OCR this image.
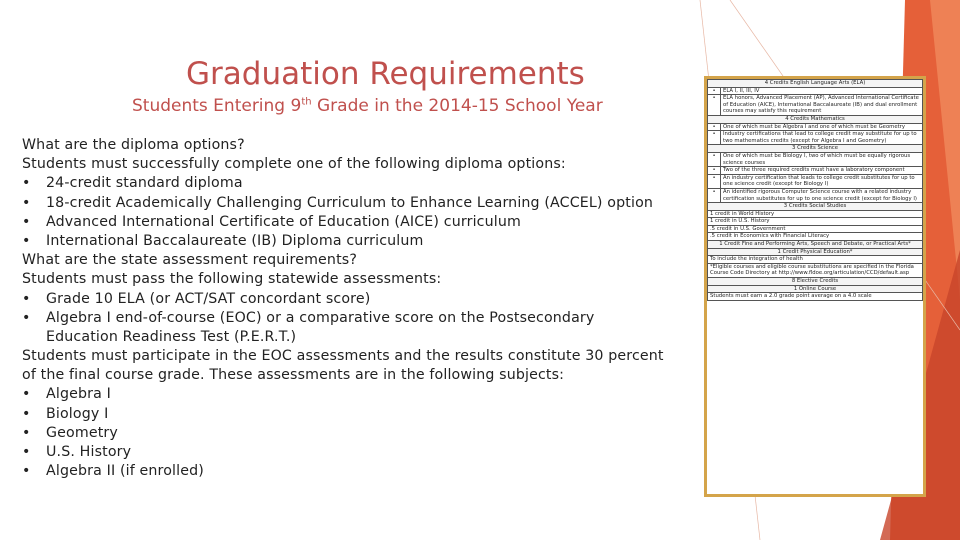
Graduation Requirements
Students Entering 9th Grade in the 2014-15 School Year
What are the diploma options?
Students must successfully complete one of the following diploma options:
• 24-credit standard diploma
• 18-credit Academically Challenging Curriculum to Enhance Learning (ACCEL) option
• Advanced International Certificate of Education (AICE) curriculum
• International Baccalaureate (IB) Diploma curriculum
What are the state assessment requirements?
Students must pass the following statewide assessments:
• Grade 10 ELA (or ACT/SAT concordant score)
• Algebra I end-of-course (EOC) or a comparative score on the Postsecondary
Education Readiness Test (P.E.R.T.)
Students must participate in the EOC assessments and the results constitute 30 percent
of the final course grade. These assessments are in the following subjects:
• Algebra I
• Biology I
• Geometry
• U.S. History
• Algebra II (if enrolled)
4 Credits English Language Arts (ELA)	
•	ELA I, II, III, IV
•	ELA honors, Advanced Placement (AP), Advanced International Certificate of Education (AICE), International Baccalaureate (IB) and dual enrollment courses may satisfy this requirement
4 Credits Mathematics	
•	One of which must be Algebra I and one of which must be Geometry
•	Industry certifications that lead to college credit may substitute for up to two mathematics credits (except for Algebra I and Geometry)
3 Credits Science	
•	One of which must be Biology I, two of which must be equally rigorous science courses
•	Two of the three required credits must have a laboratory component
•	An industry certification that leads to college credit substitutes for up to one science credit (except for Biology I)
•	An identified rigorous Computer Science course with a related industry certification substitutes for up to one science credit (except for Biology I)
3 Credits Social Studies	
1 credit in World History	
1 credit in U.S. History	
.5 credit in U.S. Government	
.5 credit in Economics with Financial Literacy	
1 Credit Fine and Performing Arts, Speech and Debate, or Practical Arts*	
1 Credit Physical Education*	
To include the integration of health	
*Eligible courses and eligible course substitutions are specified in the Florida Course Code Directory at http://www.fldoe.org/articulation/CCD/default.asp	
8 Elective Credits	
1 Online Course	
Students must earn a 2.0 grade point average on a 4.0 scale	
